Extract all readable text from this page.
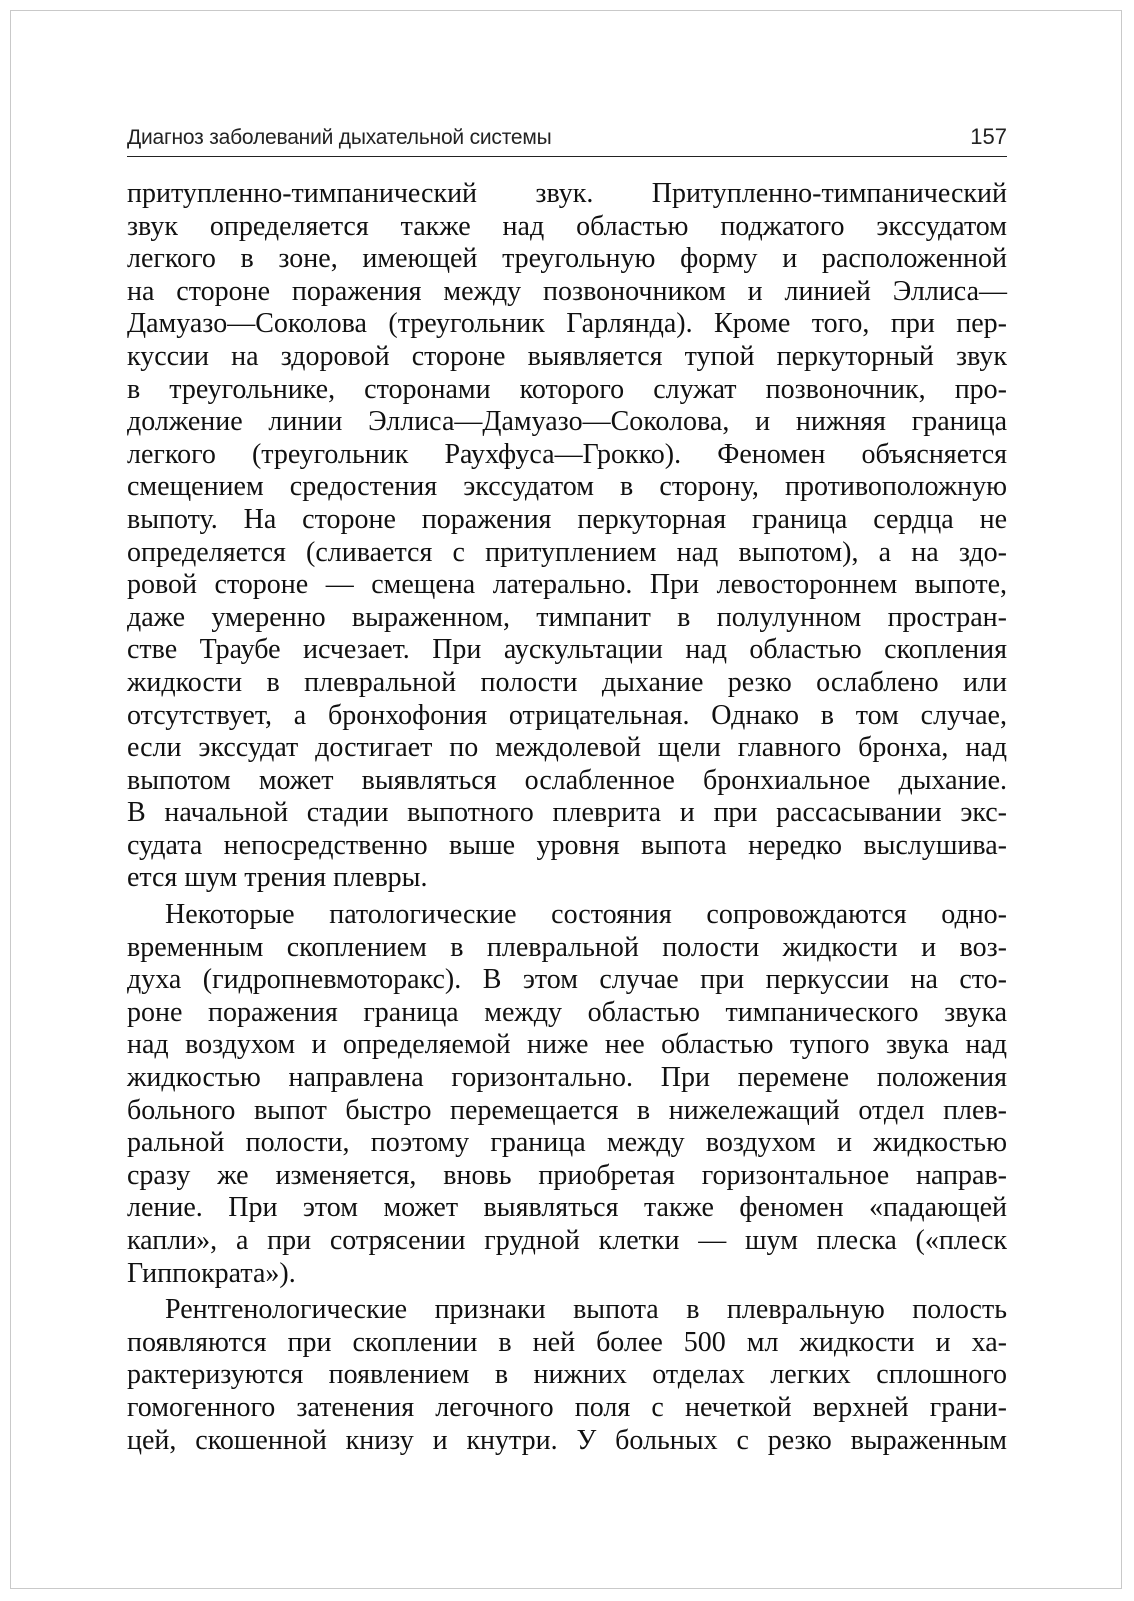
Диагноз заболеваний дыхательной системы	157

притупленно-тимпанический звук. Притупленно-тимпанический

звук определяется также над областью поджатого экссудатом

легкого в зоне, имеющей треугольную форму и расположенной

на стороне поражения между позвоночником и линией Эллиса—

Дамуазо—Соколова (треугольник Гарлянда). Кроме того, при пер-

куссии на здоровой стороне выявляется тупой перкуторный звук

в треугольнике, сторонами которого служат позвоночник, про-

должение линии Эллиса—Дамуазо—Соколова, и нижняя граница

легкого (треугольник Раухфуса—Грокко). Феномен объясняется

смещением средостения экссудатом в сторону, противоположную

выпоту. На стороне поражения перкуторная граница сердца не

определяется (сливается с притуплением над выпотом), а на здо-

ровой стороне — смещена латерально. При левостороннем выпоте,

даже умеренно выраженном, тимпанит в полулунном простран-

стве Траубе исчезает. При аускультации над областью скопления

жидкости в плевральной полости дыхание резко ослаблено или

отсутствует, а бронхофония отрицательная. Однако в том случае,

если экссудат достигает по междолевой щели главного бронха, над

выпотом может выявляться ослабленное бронхиальное дыхание.

В начальной стадии выпотного плеврита и при рассасывании экс-

судата непосредственно выше уровня выпота нередко выслушива-

ется шум трения плевры.

Некоторые патологические состояния сопровождаются одно-

временным скоплением в плевральной полости жидкости и воз-

духа (гидропневмоторакс). В этом случае при перкуссии на сто-

роне поражения граница между областью тимпанического звука

над воздухом и определяемой ниже нее областью тупого звука над

жидкостью направлена горизонтально. При перемене положения

больного выпот быстро перемещается в нижележащий отдел плев-

ральной полости, поэтому граница между воздухом и жидкостью

сразу же изменяется, вновь приобретая горизонтальное направ-

ление. При этом может выявляться также феномен «падающей

капли», а при сотрясении грудной клетки — шум плеска («плеск

Гиппократа»).

Рентгенологические признаки выпота в плевральную полость

появляются при скоплении в ней более 500 мл жидкости и ха-

рактеризуются появлением в нижних отделах легких сплошного

гомогенного затенения легочного поля с нечеткой верхней грани-

цей, скошенной книзу и кнутри. У больных с резко выраженным
